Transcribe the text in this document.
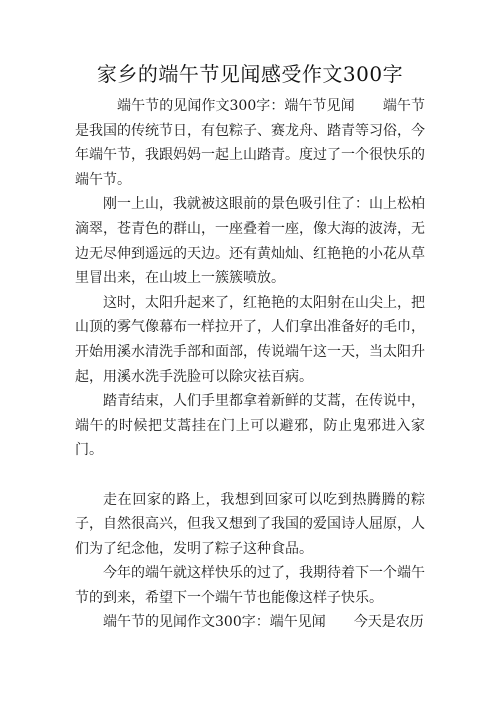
家乡的端午节见闻感受作文300字

端午节的见闻作文300字：端午节见闻　　端午节是我国的传统节日，有包粽子、赛龙舟、踏青等习俗，今年端午节，我跟妈妈一起上山踏青。度过了一个很快乐的端午节。

刚一上山，我就被这眼前的景色吸引住了：山上松柏滴翠，苍青色的群山，一座叠着一座，像大海的波涛，无边无尽伸到遥远的天边。还有黄灿灿、红艳艳的小花从草里冒出来，在山坡上一簇簇喷放。

这时，太阳升起来了，红艳艳的太阳射在山尖上，把山顶的雾气像幕布一样拉开了，人们拿出准备好的毛巾，开始用溪水清洗手部和面部，传说端午这一天，当太阳升起，用溪水洗手洗脸可以除灾祛百病。

踏青结束，人们手里都拿着新鲜的艾蒿，在传说中，端午的时候把艾蒿挂在门上可以避邪，防止鬼邪进入家门。

走在回家的路上，我想到回家可以吃到热腾腾的粽子，自然很高兴，但我又想到了我国的爱国诗人屈原，人们为了纪念他，发明了粽子这种食品。

今年的端午就这样快乐的过了，我期待着下一个端午节的到来，希望下一个端午节也能像这样子快乐。

端午节的见闻作文300字：端午见闻　　今天是农历
